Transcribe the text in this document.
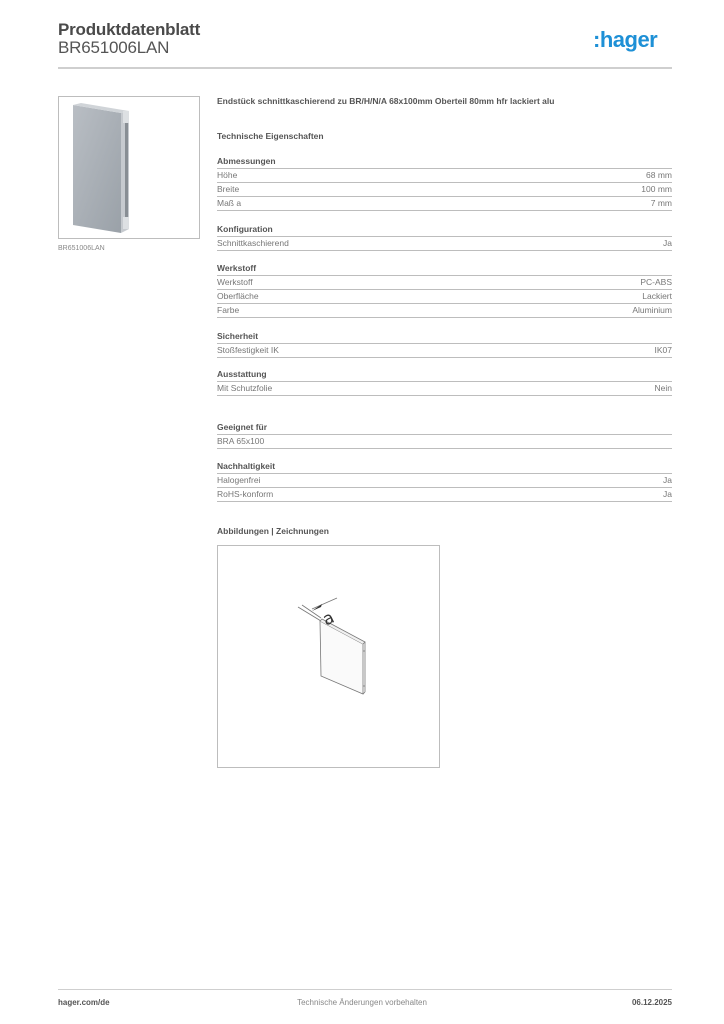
Produktdatenblatt
BR651006LAN	:hager
BR651006LAN
Endstück schnittkaschierend zu BR/H/N/A 68x100mm Oberteil 80mm hfr lackiert alu
Technische Eigenschaften
Abmessungen
Höhe	68 mm
Breite	100 mm
Maß a	7 mm
Konfiguration
Schnittkaschierend	Ja
Werkstoff
Werkstoff	PC-ABS
Oberfläche	Lackiert
Farbe	Aluminium
Sicherheit
Stoßfestigkeit IK	IK07
Ausstattung
Mit Schutzfolie	Nein
Geeignet für
BRA 65x100
Nachhaltigkeit
Halogenfrei	Ja
RoHS-konform	Ja
Abbildungen | Zeichnungen
a
hager.com/de	Technische Änderungen vorbehalten	06.12.2025
